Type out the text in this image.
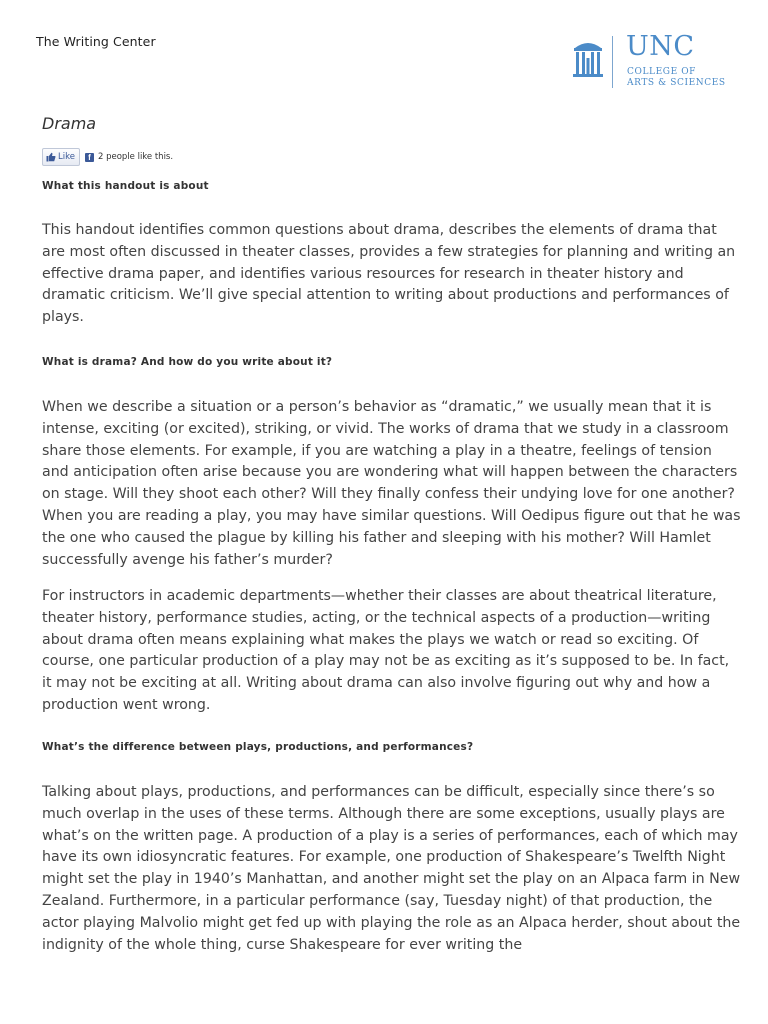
The Writing Center	UNC
COLLEGE OF
ARTS & SCIENCES
Drama
Like	f 2 people like this.
What this handout is about

This handout identifies common questions about drama, describes the elements of drama that are most often discussed in theater classes, provides a few strategies for planning and writing an effective drama paper, and identifies various resources for research in theater history and dramatic criticism. We’ll give special attention to writing about productions and performances of plays.

What is drama? And how do you write about it?

When we describe a situation or a person’s behavior as “dramatic,” we usually mean that it is intense, exciting (or excited), striking, or vivid. The works of drama that we study in a classroom share those elements. For example, if you are watching a play in a theatre, feelings of tension and anticipation often arise because you are wondering what will happen between the characters on stage. Will they shoot each other? Will they finally confess their undying love for one another? When you are reading a play, you may have similar questions. Will Oedipus figure out that he was the one who caused the plague by killing his father and sleeping with his mother? Will Hamlet successfully avenge his father’s murder?

For instructors in academic departments—whether their classes are about theatrical literature, theater history, performance studies, acting, or the technical aspects of a production—writing about drama often means explaining what makes the plays we watch or read so exciting. Of course, one particular production of a play may not be as exciting as it’s supposed to be. In fact, it may not be exciting at all. Writing about drama can also involve figuring out why and how a production went wrong.

What’s the difference between plays, productions, and performances?

Talking about plays, productions, and performances can be difficult, especially since there’s so much overlap in the uses of these terms. Although there are some exceptions, usually plays are what’s on the written page. A production of a play is a series of performances, each of which may have its own idiosyncratic features. For example, one production of Shakespeare’s Twelfth Night might set the play in 1940’s Manhattan, and another might set the play on an Alpaca farm in New Zealand. Furthermore, in a particular performance (say, Tuesday night) of that production, the actor playing Malvolio might get fed up with playing the role as an Alpaca herder, shout about the indignity of the whole thing, curse Shakespeare for ever writing the
